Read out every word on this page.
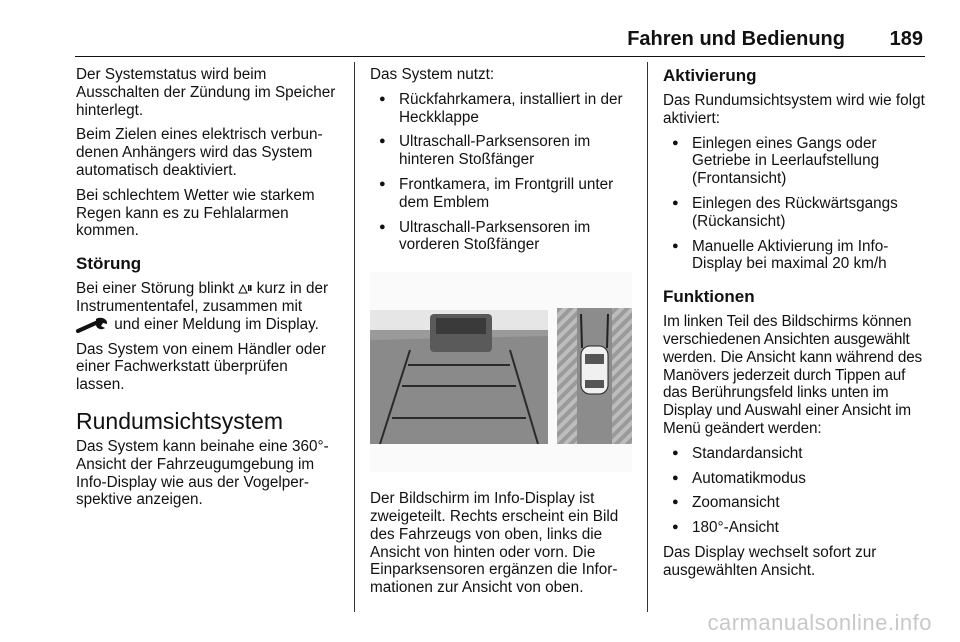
Fahren und Bedienung 189

Der Systemstatus wird beim Ausschalten der Zündung im Speicher hinterlegt.

Beim Zielen eines elektrisch verbundenen Anhängers wird das System automatisch deaktiviert.

Bei schlechtem Wetter wie starkem Regen kann es zu Fehlalarmen kommen.

Störung

Bei einer Störung blinkt kurz in der Instrumententafel, zusammen mit  und einer Meldung im Display.

Das System von einem Händler oder einer Fachwerkstatt überprüfen lassen.

Rundumsichtsystem

Das System kann beinahe eine 360°-Ansicht der Fahrzeugumgebung im Info-Display wie aus der Vogelperspektive anzeigen.

Das System nutzt:

● Rückfahrkamera, installiert in der Heckklappe
● Ultraschall-Parksensoren im hinteren Stoßfänger
● Frontkamera, im Frontgrill unter dem Emblem
● Ultraschall-Parksensoren im vorderen Stoßfänger

Der Bildschirm im Info-Display ist zweigeteilt. Rechts erscheint ein Bild des Fahrzeugs von oben, links die Ansicht von hinten oder vorn. Die Einparksensoren ergänzen die Informationen zur Ansicht von oben.

Aktivierung

Das Rundumsichtsystem wird wie folgt aktiviert:

● Einlegen eines Gangs oder Getriebe in Leerlaufstellung (Frontansicht)
● Einlegen des Rückwärtsgangs (Rückansicht)
● Manuelle Aktivierung im Info-Display bei maximal 20 km/h
Funktionen

Im linken Teil des Bildschirms können verschiedenen Ansichten ausgewählt werden. Die Ansicht kann während des Manövers jederzeit durch Tippen auf das Berührungsfeld links unten im Display und Auswahl einer Ansicht im Menü geändert werden:

● Standardansicht
● Automatikmodus
● Zoomansicht
● 180°-Ansicht

Das Display wechselt sofort zur ausgewählten Ansicht.

carmanualsonline.info
